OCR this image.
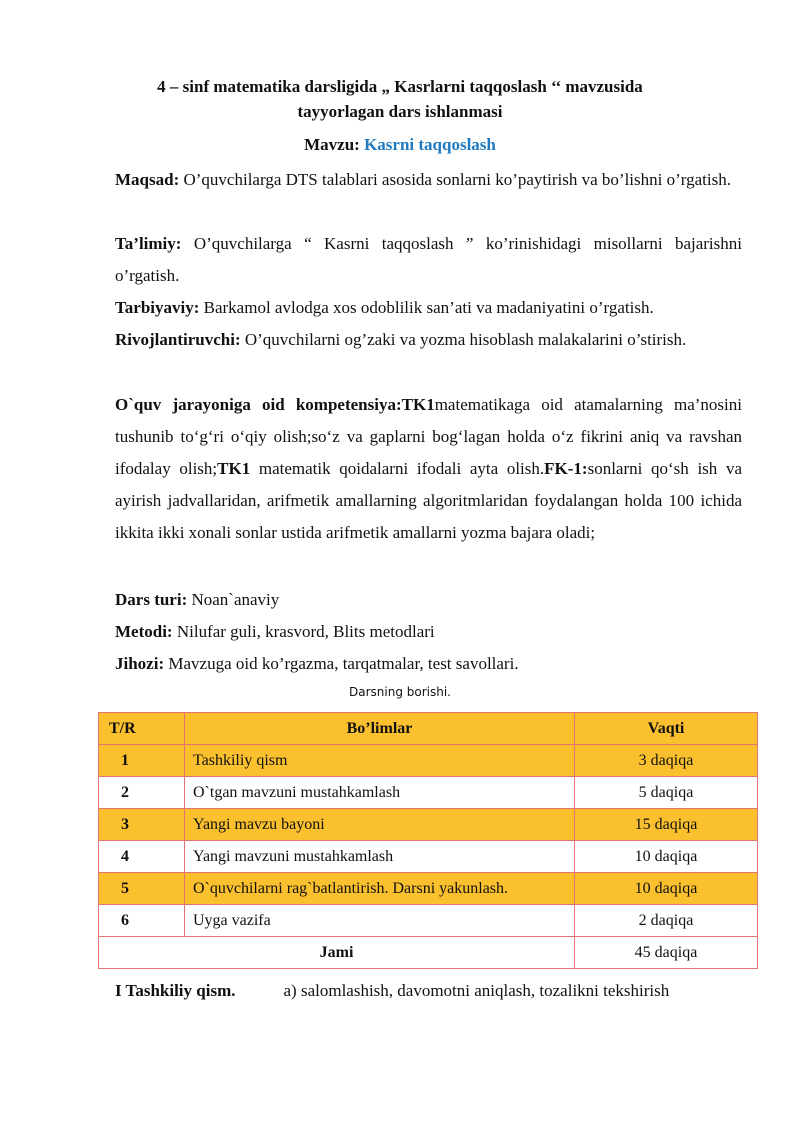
4 – sinf matematika darsligida „ Kasrlarni taqqoslash ‘‘ mavzusida
tayyorlagan dars ishlanmasi
Mavzu: Kasrni taqqoslash
Maqsad: O’quvchilarga DTS talablari asosida sonlarni ko’paytirish va bo’lishni o’rgatish.
Ta’limiy: O’quvchilarga “ Kasrni taqqoslash ” ko’rinishidagi misollarni bajarishni o’rgatish.
Tarbiyaviy: Barkamol avlodga xos odoblilik san’ati va madaniyatini o’rgatish.
Rivojlantiruvchi: O’quvchilarni og’zaki va yozma hisoblash malakalarini o’stirish.
O`quv jarayoniga oid kompetensiya:TK1matematikaga oid atamalarning ma’nosini tushunib to‘g‘ri o‘qiy olish;so‘z va gaplarni bog‘lagan holda o‘z fikrini aniq va ravshan ifodalay olish;TK1 matematik qoidalarni ifodali ayta olish.FK-1:sonlarni qo‘sh ish va ayirish jadvallaridan, arifmetik amallarning algoritmlaridan foydalangan holda 100 ichida ikkita ikki xonali sonlar ustida arifmetik amallarni yozma bajara oladi;
Dars turi: Noan`anaviy
Metodi: Nilufar guli, krasvord, Blits metodlari
Jihozi: Mavzuga oid ko’rgazma, tarqatmalar, test savollari.
Darsning borishi.
T/R	Bo’limlar	Vaqti
1	Tashkiliy qism	3 daqiqa
2	O`tgan mavzuni mustahkamlash	5 daqiqa
3	Yangi mavzu bayoni	15 daqiqa
4	Yangi mavzuni mustahkamlash	10 daqiqa
5	O`quvchilarni rag`batlantirish. Darsni yakunlash.	10 daqiqa
6	Uyga vazifa	2 daqiqa
Jami		45 daqiqa
I Tashkiliy qism.	a) salomlashish, davomotni aniqlash, tozalikni tekshirish
